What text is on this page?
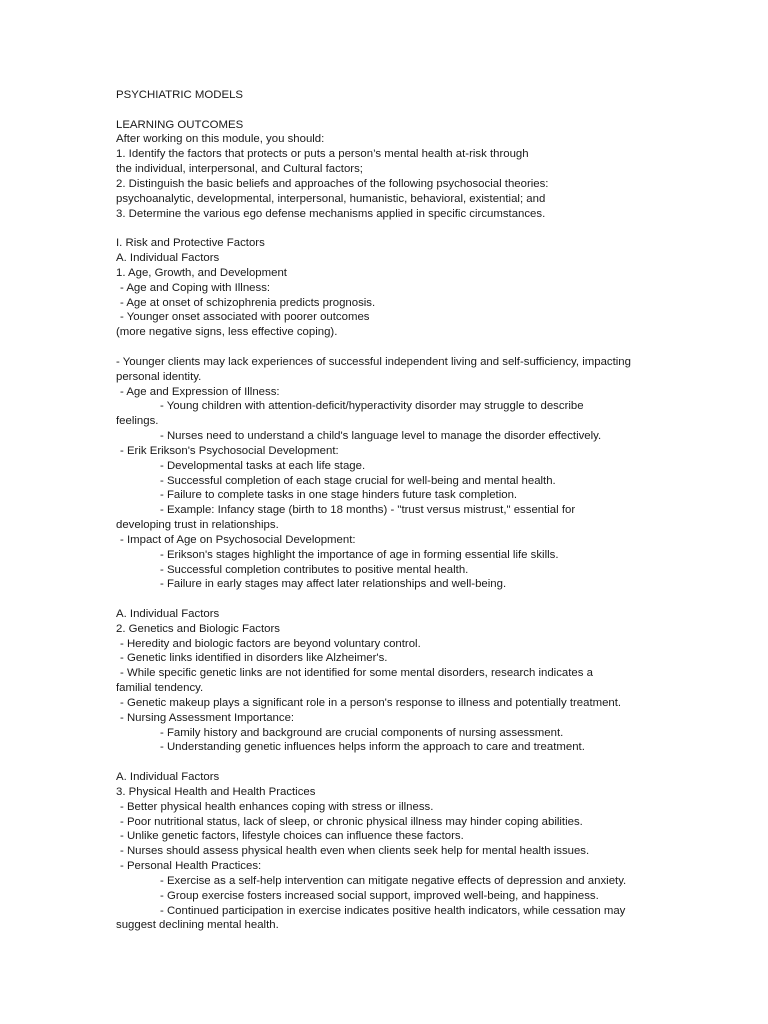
PSYCHIATRIC MODELS
LEARNING OUTCOMES
After working on this module, you should:
1. Identify the factors that protects or puts a person’s mental health at-risk through
the individual, interpersonal, and Cultural factors;
2. Distinguish the basic beliefs and approaches of the following psychosocial theories:
psychoanalytic, developmental, interpersonal, humanistic, behavioral, existential; and
3. Determine the various ego defense mechanisms applied in specific circumstances.
I. Risk and Protective Factors
A. Individual Factors
1. Age, Growth, and Development
- Age and Coping with Illness:
- Age at onset of schizophrenia predicts prognosis.
- Younger onset associated with poorer outcomes
(more negative signs, less effective coping).
- Younger clients may lack experiences of successful independent living and self-sufficiency, impacting
personal identity.
- Age and Expression of Illness:
- Young children with attention-deficit/hyperactivity disorder may struggle to describe
feelings.
- Nurses need to understand a child's language level to manage the disorder effectively.
- Erik Erikson's Psychosocial Development:
- Developmental tasks at each life stage.
- Successful completion of each stage crucial for well-being and mental health.
- Failure to complete tasks in one stage hinders future task completion.
- Example: Infancy stage (birth to 18 months) - "trust versus mistrust," essential for
developing trust in relationships.
- Impact of Age on Psychosocial Development:
- Erikson's stages highlight the importance of age in forming essential life skills.
- Successful completion contributes to positive mental health.
- Failure in early stages may affect later relationships and well-being.
A. Individual Factors
2. Genetics and Biologic Factors
- Heredity and biologic factors are beyond voluntary control.
- Genetic links identified in disorders like Alzheimer's.
- While specific genetic links are not identified for some mental disorders, research indicates a
familial tendency.
- Genetic makeup plays a significant role in a person's response to illness and potentially treatment.
- Nursing Assessment Importance:
- Family history and background are crucial components of nursing assessment.
- Understanding genetic influences helps inform the approach to care and treatment.
A. Individual Factors
3. Physical Health and Health Practices
- Better physical health enhances coping with stress or illness.
- Poor nutritional status, lack of sleep, or chronic physical illness may hinder coping abilities.
- Unlike genetic factors, lifestyle choices can influence these factors.
- Nurses should assess physical health even when clients seek help for mental health issues.
- Personal Health Practices:
- Exercise as a self-help intervention can mitigate negative effects of depression and anxiety.
- Group exercise fosters increased social support, improved well-being, and happiness.
- Continued participation in exercise indicates positive health indicators, while cessation may
suggest declining mental health.
